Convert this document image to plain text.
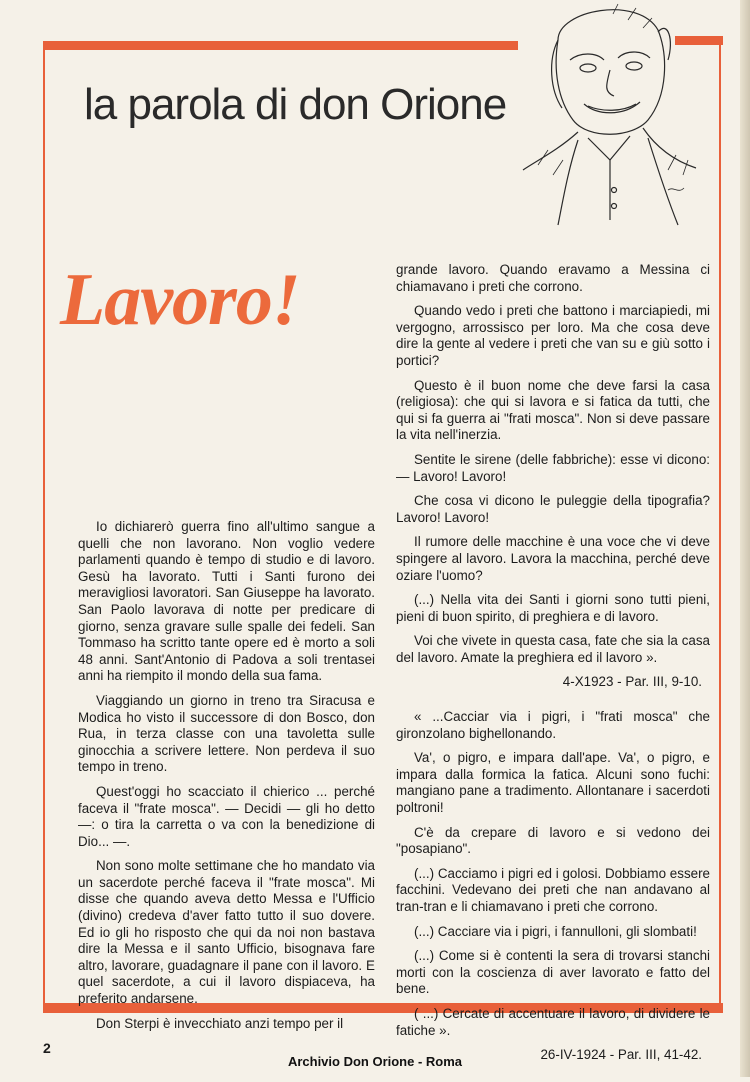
la parola di don Orione
Lavoro!

Io dichiarerò guerra fino all'ultimo sangue a quelli che non lavorano. Non voglio vedere parlamenti quando è tempo di studio e di lavoro. Gesù ha lavorato. Tutti i Santi furono dei meravigliosi lavoratori. San Giuseppe ha lavorato. San Paolo lavorava di notte per predicare di giorno, senza gravare sulle spalle dei fedeli. San Tommaso ha scritto tante opere ed è morto a soli 48 anni. Sant'Antonio di Padova a soli trentasei anni ha riempito il mondo della sua fama.

Viaggiando un giorno in treno tra Siracusa e Modica ho visto il successore di don Bosco, don Rua, in terza classe con una tavoletta sulle ginocchia a scrivere lettere. Non perdeva il suo tempo in treno.

Quest'oggi ho scacciato il chierico ... perché faceva il "frate mosca". — Decidi — gli ho detto —: o tira la carretta o va con la benedizione di Dio... —.

Non sono molte settimane che ho mandato via un sacerdote perché faceva il "frate mosca". Mi disse che quando aveva detto Messa e l'Ufficio (divino) credeva d'aver fatto tutto il suo dovere. Ed io gli ho risposto che qui da noi non bastava dire la Messa e il santo Ufficio, bisognava fare altro, lavorare, guadagnare il pane con il lavoro. E quel sacerdote, a cui il lavoro dispiaceva, ha preferito andarsene.

Don Sterpi è invecchiato anzi tempo per il

grande lavoro. Quando eravamo a Messina ci chiamavano i preti che corrono.

Quando vedo i preti che battono i marciapiedi, mi vergogno, arrossisco per loro. Ma che cosa deve dire la gente al vedere i preti che van su e giù sotto i portici?

Questo è il buon nome che deve farsi la casa (religiosa): che qui si lavora e si fatica da tutti, che qui si fa guerra ai "frati mosca". Non si deve passare la vita nell'inerzia.

Sentite le sirene (delle fabbriche): esse vi dicono: — Lavoro! Lavoro!

Che cosa vi dicono le puleggie della tipografia? Lavoro! Lavoro!

Il rumore delle macchine è una voce che vi deve spingere al lavoro. Lavora la macchina, perché deve oziare l'uomo?

(...) Nella vita dei Santi i giorni sono tutti pieni, pieni di buon spirito, di preghiera e di lavoro.

Voi che vivete in questa casa, fate che sia la casa del lavoro. Amate la preghiera ed il lavoro ».

4-X1923 - Par. III, 9-10.

« ...Cacciar via i pigri, i "frati mosca" che gironzolano bighellonando.

Va', o pigro, e impara dall'ape. Va', o pigro, e impara dalla formica la fatica. Alcuni sono fuchi: mangiano pane a tradimento. Allontanare i sacerdoti poltroni!

C'è da crepare di lavoro e si vedono dei "posapiano".

(...) Cacciamo i pigri ed i golosi. Dobbiamo essere facchini. Vedevano dei preti che nan andavano al tran-tran e li chiamavano i preti che corrono.

(...) Cacciare via i pigri, i fannulloni, gli slombati!

(...) Come si è contenti la sera di trovarsi stanchi morti con la coscienza di aver lavorato e fatto del bene.

( ...) Cercate di accentuare il lavoro, di dividere le fatiche ».

26-IV-1924 - Par. III, 41-42.

2
Archivio Don Orione - Roma
